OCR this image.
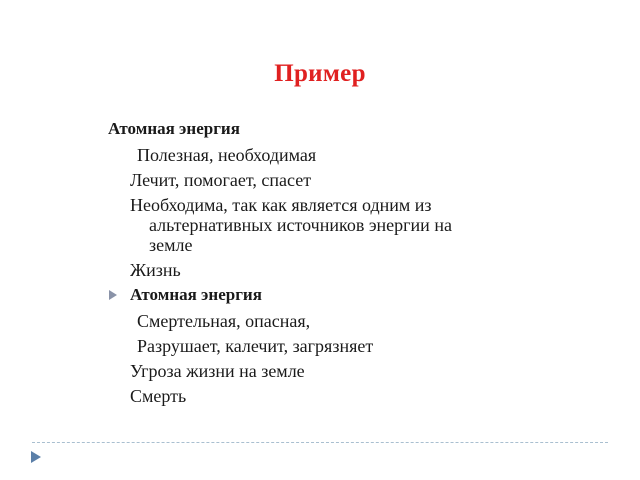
Пример
Атомная энергия
Полезная, необходимая
Лечит, помогает, спасет
Необходима, так как является одним из
альтернативных источников энергии на
земле
Жизнь
Атомная энергия
Смертельная, опасная,
Разрушает, калечит, загрязняет
Угроза жизни на земле
Смерть
